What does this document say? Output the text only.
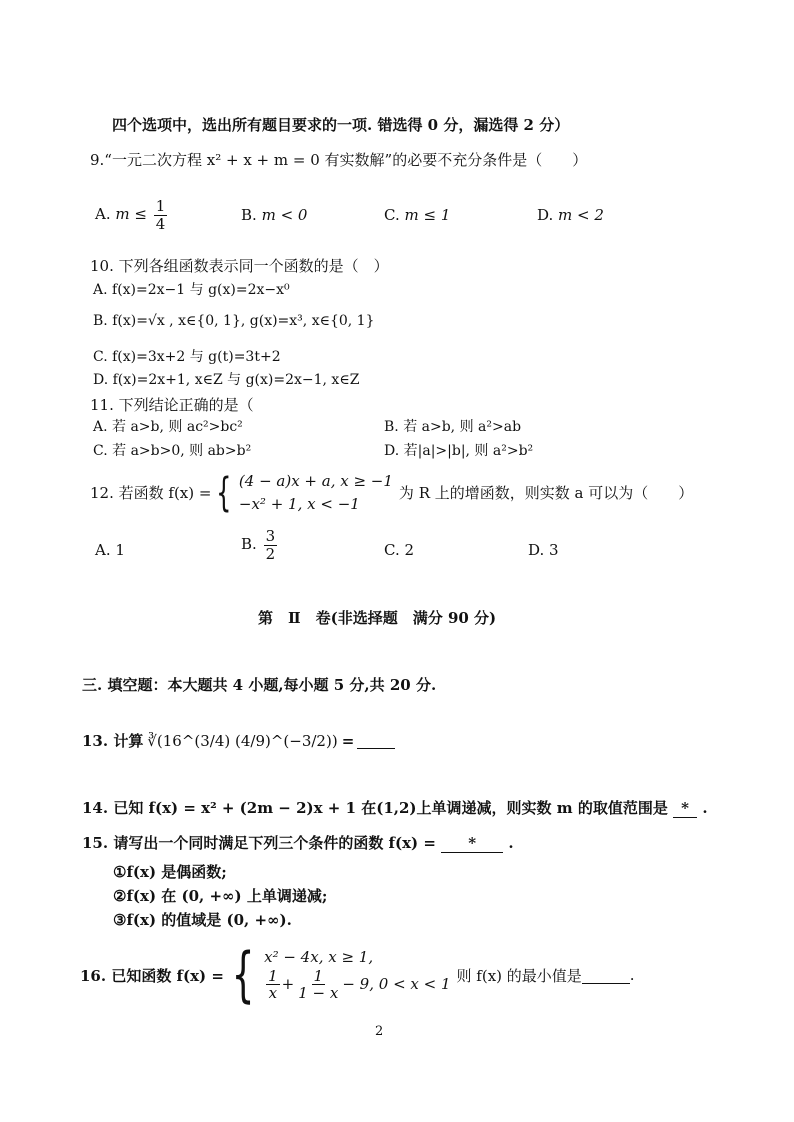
四个选项中，选出所有题目要求的一项. 错选得 0 分，漏选得 2 分）
9.“一元二次方程 x² + x + m = 0 有实数解”的必要不充分条件是（　　）
A. $m \le \frac{1}{4}$	B. m < 0	C. m ≤ 1	D. m < 2
10. 下列各组函数表示同一个函数的是（　）
A. f(x)=2x−1 与 g(x)=2x−x⁰
B. f(x)=√x , x∈{0, 1}, g(x)=x³, x∈{0, 1}
C. f(x)=3x+2 与 g(t)=3t+2
D. f(x)=2x+1, x∈Z 与 g(x)=2x−1, x∈Z
11. 下列结论正确的是（
A. 若 a>b, 则 ac²>bc²	B. 若 a>b, 则 a²>ab
C. 若 a>b>0, 则 ab>b²	D. 若|a|>|b|, 则 a²>b²
12. 若函数 f(x) = { (4 − a)x + a, x ≥ −1
−x² + 1, x < −1
为 R 上的增函数，则实数 a 可以为（　　）
A. 1	B. $\frac{3}{2}$	C. 2	D. 3
第　Ⅱ　卷(非选择题　满分 90 分)
三. 填空题：本大题共 4 小题,每小题 5 分,共 20 分.
13. 计算 ∛(16^(3/4) (4/9)^(−3/2)) =
14. 已知 f(x) = x² + (2m − 2)x + 1 在(1,2)上单调递减，则实数 m 的取值范围是 * .
15. 请写出一个同时满足下列三个条件的函数 f(x) = * .
①f(x) 是偶函数;
②f(x) 在 (0, +∞) 上单调递减;
③f(x) 的值域是 (0, +∞).
16. 已知函数 f(x) = { x² − 4x, x ≥ 1,
$\frac{1}{x} + \frac{1}{1 - x} - 9$, 0 < x < 1 则 f(x) 的最小值是	.
2
